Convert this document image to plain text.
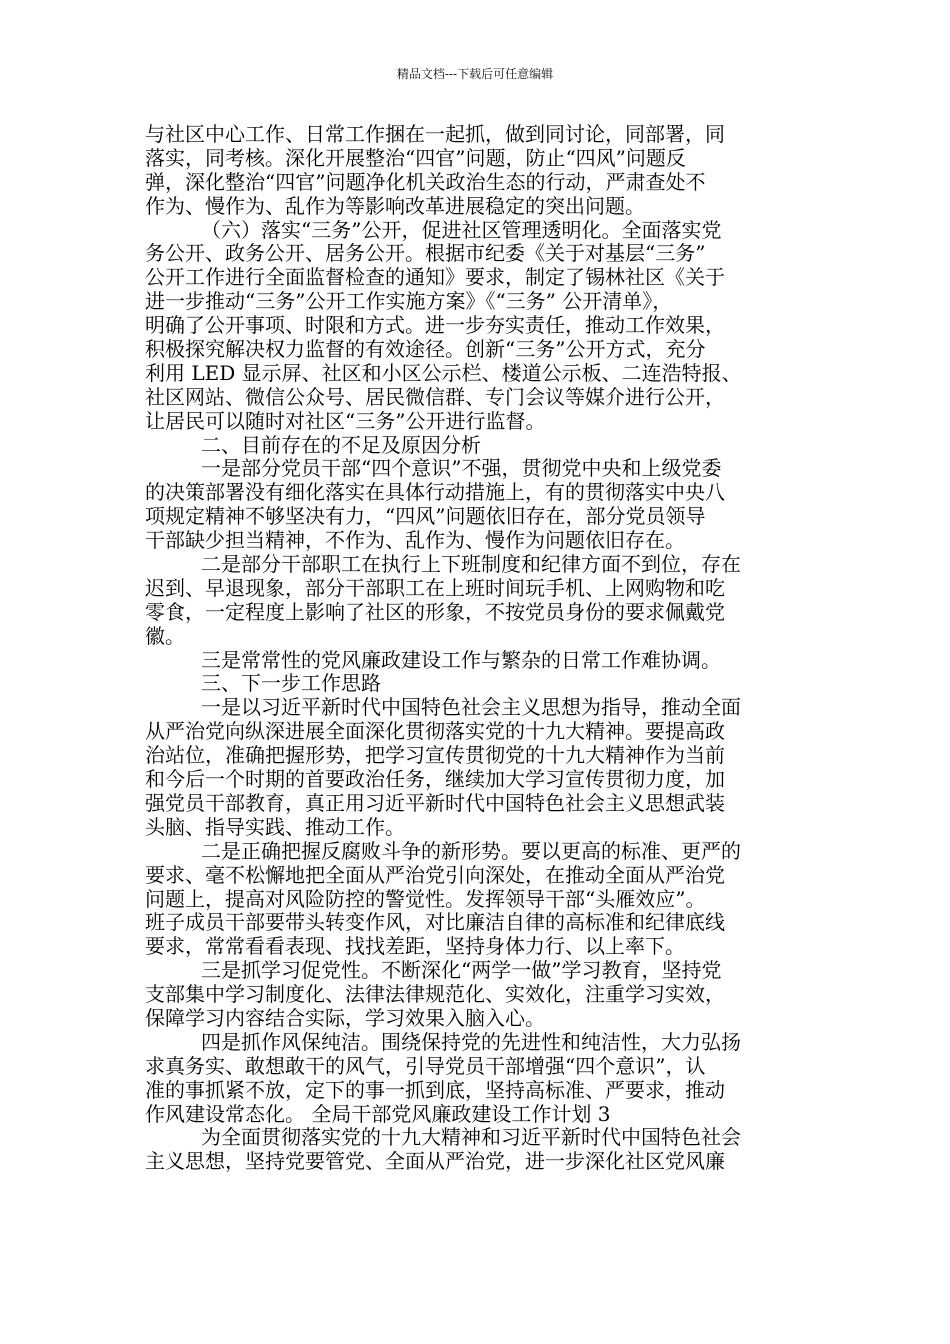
精品文档---下载后可任意编辑
与社区中心工作、日常工作捆在一起抓，做到同讨论，同部署，同
落实，同考核。深化开展整治“四官”问题，防止“四风”问题反
弹，深化整治“四官”问题净化机关政治生态的行动，严肃查处不
作为、慢作为、乱作为等影响改革进展稳定的突出问题。
（六）落实“三务”公开，促进社区管理透明化。全面落实党
务公开、政务公开、居务公开。根据市纪委《关于对基层“三务”
公开工作进行全面监督检查的通知》要求，制定了锡林社区《关于
进一步推动“三务”公开工作实施方案》《“三务” 公开清单》，
明确了公开事项、时限和方式。进一步夯实责任，推动工作效果，
积极探究解决权力监督的有效途径。创新“三务”公开方式，充分
利用 LED 显示屏、社区和小区公示栏、楼道公示板、二连浩特报、
社区网站、微信公众号、居民微信群、专门会议等媒介进行公开，
让居民可以随时对社区“三务”公开进行监督。
二、目前存在的不足及原因分析
一是部分党员干部“四个意识”不强，贯彻党中央和上级党委
的决策部署没有细化落实在具体行动措施上，有的贯彻落实中央八
项规定精神不够坚决有力，“四风”问题依旧存在，部分党员领导
干部缺少担当精神，不作为、乱作为、慢作为问题依旧存在。
二是部分干部职工在执行上下班制度和纪律方面不到位，存在
迟到、早退现象，部分干部职工在上班时间玩手机、上网购物和吃
零食，一定程度上影响了社区的形象，不按党员身份的要求佩戴党
徽。
三是常常性的党风廉政建设工作与繁杂的日常工作难协调。
三、下一步工作思路
一是以习近平新时代中国特色社会主义思想为指导，推动全面
从严治党向纵深进展全面深化贯彻落实党的十九大精神。要提高政
治站位，准确把握形势，把学习宣传贯彻党的十九大精神作为当前
和今后一个时期的首要政治任务，继续加大学习宣传贯彻力度，加
强党员干部教育，真正用习近平新时代中国特色社会主义思想武装
头脑、指导实践、推动工作。
二是正确把握反腐败斗争的新形势。要以更高的标准、更严的
要求、毫不松懈地把全面从严治党引向深处，在推动全面从严治党
问题上，提高对风险防控的警觉性。发挥领导干部“头雁效应”。
班子成员干部要带头转变作风，对比廉洁自律的高标准和纪律底线
要求，常常看看表现、找找差距，坚持身体力行、以上率下。
三是抓学习促党性。不断深化“两学一做”学习教育，坚持党
支部集中学习制度化、法律法律规范化、实效化，注重学习实效，
保障学习内容结合实际，学习效果入脑入心。
四是抓作风保纯洁。围绕保持党的先进性和纯洁性，大力弘扬
求真务实、敢想敢干的风气，引导党员干部增强“四个意识”，认
准的事抓紧不放，定下的事一抓到底，坚持高标准、严要求，推动
作风建设常态化。 全局干部党风廉政建设工作计划 3
为全面贯彻落实党的十九大精神和习近平新时代中国特色社会
主义思想，坚持党要管党、全面从严治党，进一步深化社区党风廉
